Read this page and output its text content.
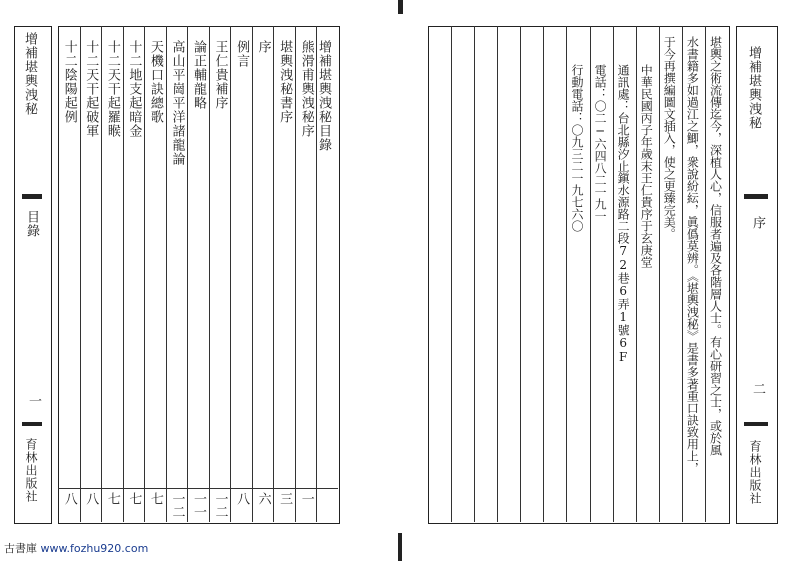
增補堪輿洩秘
目錄
一
育林出版社
增補堪輿洩秘目錄
熊滑甫輿洩秘序
一
堪輿洩秘書序
三
序
六
例言
八
王仁貴補序
一二
論正輔龍略
一一
高山平崗平洋諸龍論
一二
天機口訣總歌
七
十二地支起暗金
七
十二天干起羅睺
七
十二天干起破軍
八
十二陰陽起例
八
增補堪輿洩秘
序
二
育林出版社
堪輿之術流傳迄今，深植人心，信服者遍及各階層人士。有心研習之士，或於風
水書籍多如過江之鯽，衆說紛紜，眞僞莫辨。《堪輿洩秘》是書多著重口訣致用上，
于今再撰編圖文插入，使之更臻完美。
中華民國丙子年歲末王仁貴序于玄庚堂
通訊處：台北縣汐止鎭水源路二段72巷6弄1號6F
電話：〇二─六四八二一九一
行動電話：〇九三二一九七六〇
古書庫 www.fozhu920.com
